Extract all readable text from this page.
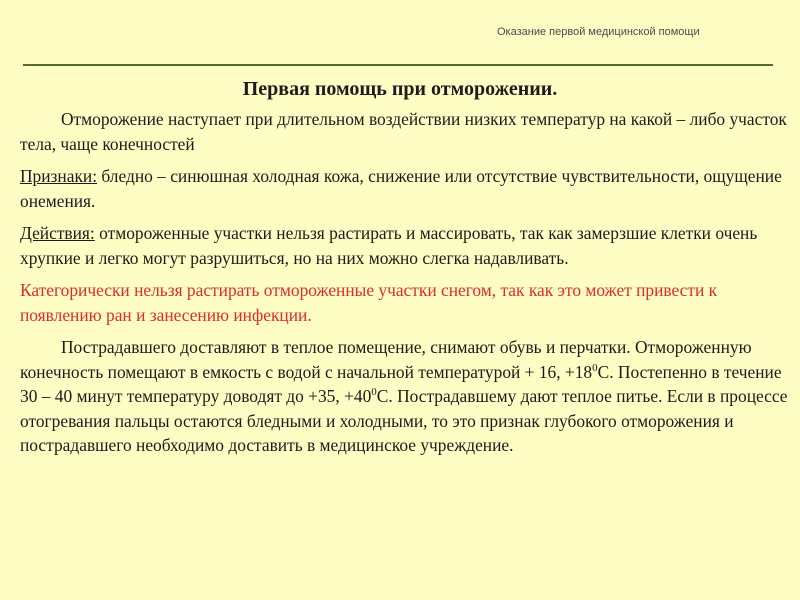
Оказание первой медицинской помощи
Первая помощь при отморожении.

Отморожение наступает при длительном воздействии низких температур на какой – либо участок тела, чаще конечностей

Признаки: бледно – синюшная холодная кожа, снижение или отсутствие чувствительности, ощущение онемения.

Действия: отмороженные участки нельзя растирать и массировать, так как замерзшие клетки очень хрупкие и легко могут разрушиться, но на них можно слегка надавливать.

Категорически нельзя растирать отмороженные участки снегом, так как это может привести к появлению ран и занесению инфекции.

Пострадавшего доставляют в теплое помещение, снимают обувь и перчатки. Отмороженную конечность помещают в емкость с водой с начальной температурой + 16, $+18^0С$. Постепенно в течение 30 – 40 минут температуру доводят до +35, $+40^0С$. Пострадавшему дают теплое питье. Если в процессе отогревания пальцы остаются бледными и холодными, то это признак глубокого отморожения и пострадавшего необходимо доставить в медицинское учреждение.
